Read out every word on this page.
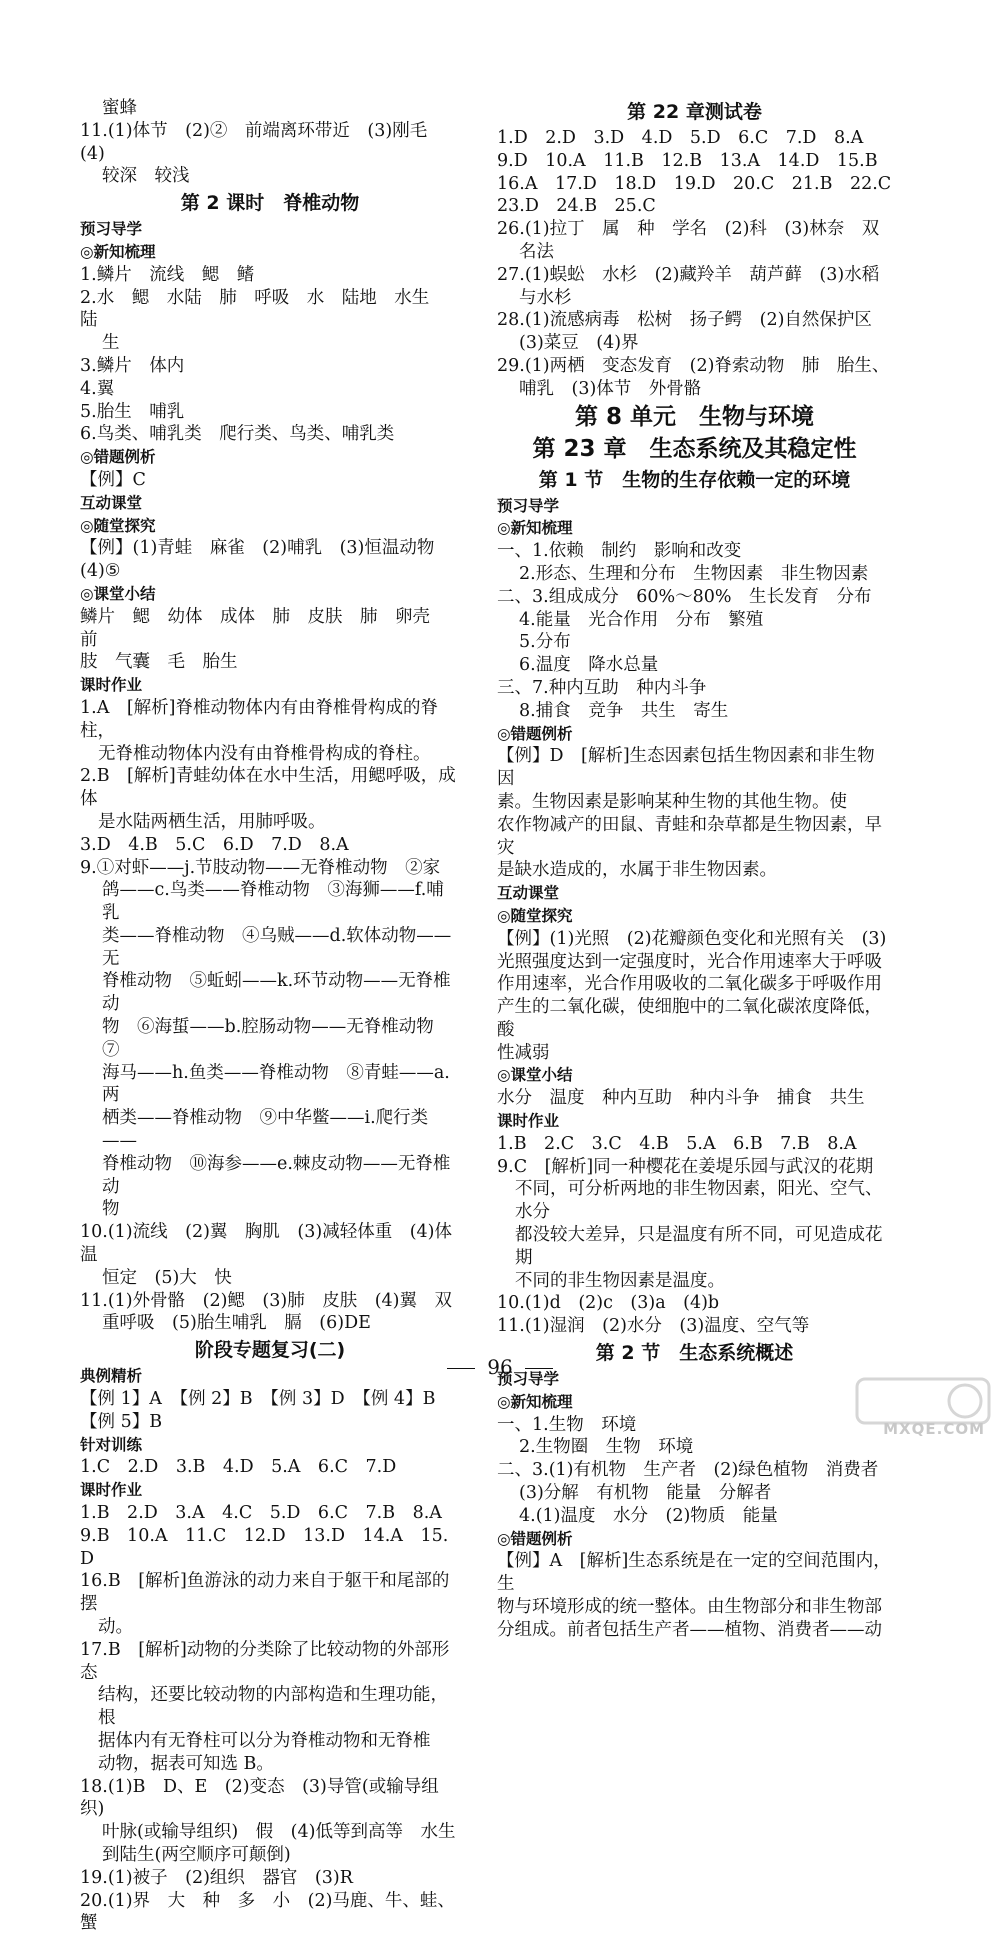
蜜蜂
11.(1)体节　(2)②　前端离环带近　(3)刚毛　(4)
较深　较浅
第 2 课时　脊椎动物
预习导学
◎新知梳理
1.鳞片　流线　鳃　鳍
2.水　鳃　水陆　肺　呼吸　水　陆地　水生　陆
生
3.鳞片　体内
4.翼
5.胎生　哺乳
6.鸟类、哺乳类　爬行类、鸟类、哺乳类
◎错题例析
【例】C
互动课堂
◎随堂探究
【例】(1)青蛙　麻雀　(2)哺乳　(3)恒温动物
(4)⑤
◎课堂小结
鳞片　鳃　幼体　成体　肺　皮肤　肺　卵壳　前
肢　气囊　毛　胎生
课时作业
1.A　[解析]脊椎动物体内有由脊椎骨构成的脊柱，
无脊椎动物体内没有由脊椎骨构成的脊柱。
2.B　[解析]青蛙幼体在水中生活，用鳃呼吸，成体
是水陆两栖生活，用肺呼吸。
3.D　4.B　5.C　6.D　7.D　8.A
9.①对虾——j.节肢动物——无脊椎动物　②家
鸽——c.鸟类——脊椎动物　③海狮——f.哺乳
类——脊椎动物　④乌贼——d.软体动物——无
脊椎动物　⑤蚯蚓——k.环节动物——无脊椎动
物　⑥海蜇——b.腔肠动物——无脊椎动物　⑦
海马——h.鱼类——脊椎动物　⑧青蛙——a.两
栖类——脊椎动物　⑨中华鳖——i.爬行类——
脊椎动物　⑩海参——e.棘皮动物——无脊椎动
物
10.(1)流线　(2)翼　胸肌　(3)减轻体重　(4)体温
恒定　(5)大　快
11.(1)外骨骼　(2)鳃　(3)肺　皮肤　(4)翼　双
重呼吸　(5)胎生哺乳　膈　(6)DE
阶段专题复习(二)
典例精析
【例 1】A　【例 2】B　【例 3】D　【例 4】B　【例 5】B
针对训练
1.C　2.D　3.B　4.D　5.A　6.C　7.D
课时作业
1.B　2.D　3.A　4.C　5.D　6.C　7.B　8.A
9.B　10.A　11.C　12.D　13.D　14.A　15.D
16.B　[解析]鱼游泳的动力来自于躯干和尾部的摆
动。
17.B　[解析]动物的分类除了比较动物的外部形态
结构，还要比较动物的内部构造和生理功能，根
据体内有无脊柱可以分为脊椎动物和无脊椎
动物，据表可知选 B。
18.(1)B　D、E　(2)变态　(3)导管(或输导组织)
叶脉(或输导组织)　假　(4)低等到高等　水生
到陆生(两空顺序可颠倒)
19.(1)被子　(2)组织　器官　(3)R
20.(1)界　大　种　多　小　(2)马鹿、牛、蛙、蟹
第 22 章测试卷
1.D　2.D　3.D　4.D　5.D　6.C　7.D　8.A
9.D　10.A　11.B　12.B　13.A　14.D　15.B
16.A　17.D　18.D　19.D　20.C　21.B　22.C
23.D　24.B　25.C
26.(1)拉丁　属　种　学名　(2)科　(3)林奈　双
名法
27.(1)蜈蚣　水杉　(2)藏羚羊　葫芦藓　(3)水稻
与水杉
28.(1)流感病毒　松树　扬子鳄　(2)自然保护区
(3)菜豆　(4)界
29.(1)两栖　变态发育　(2)脊索动物　肺　胎生、
哺乳　(3)体节　外骨骼
第 8 单元　生物与环境
第 23 章　生态系统及其稳定性
第 1 节　生物的生存依赖一定的环境
预习导学
◎新知梳理
一、1.依赖　制约　影响和改变
2.形态、生理和分布　生物因素　非生物因素
二、3.组成成分　60%～80%　生长发育　分布
4.能量　光合作用　分布　繁殖
5.分布
6.温度　降水总量
三、7.种内互助　种内斗争
8.捕食　竞争　共生　寄生
◎错题例析
【例】D　[解析]生态因素包括生物因素和非生物因
素。生物因素是影响某种生物的其他生物。使
农作物减产的田鼠、青蛙和杂草都是生物因素，早灾
是缺水造成的，水属于非生物因素。
互动课堂
◎随堂探究
【例】(1)光照　(2)花瓣颜色变化和光照有关　(3)
光照强度达到一定强度时，光合作用速率大于呼吸
作用速率，光合作用吸收的二氧化碳多于呼吸作用
产生的二氧化碳，使细胞中的二氧化碳浓度降低，酸
性减弱
◎课堂小结
水分　温度　种内互助　种内斗争　捕食　共生
课时作业
1.B　2.C　3.C　4.B　5.A　6.B　7.B　8.A
9.C　[解析]同一种樱花在姜堤乐园与武汉的花期
不同，可分析两地的非生物因素，阳光、空气、水分
都没较大差异，只是温度有所不同，可见造成花期
不同的非生物因素是温度。
10.(1)d　(2)c　(3)a　(4)b
11.(1)湿润　(2)水分　(3)温度、空气等
第 2 节　生态系统概述
预习导学
◎新知梳理
一、1.生物　环境
2.生物圈　生物　环境
二、3.(1)有机物　生产者　(2)绿色植物　消费者
(3)分解　有机物　能量　分解者
4.(1)温度　水分　(2)物质　能量
◎错题例析
【例】A　[解析]生态系统是在一定的空间范围内，生
物与环境形成的统一整体。由生物部分和非生物部
分组成。前者包括生产者——植物、消费者——动
96
MXQE.COM
